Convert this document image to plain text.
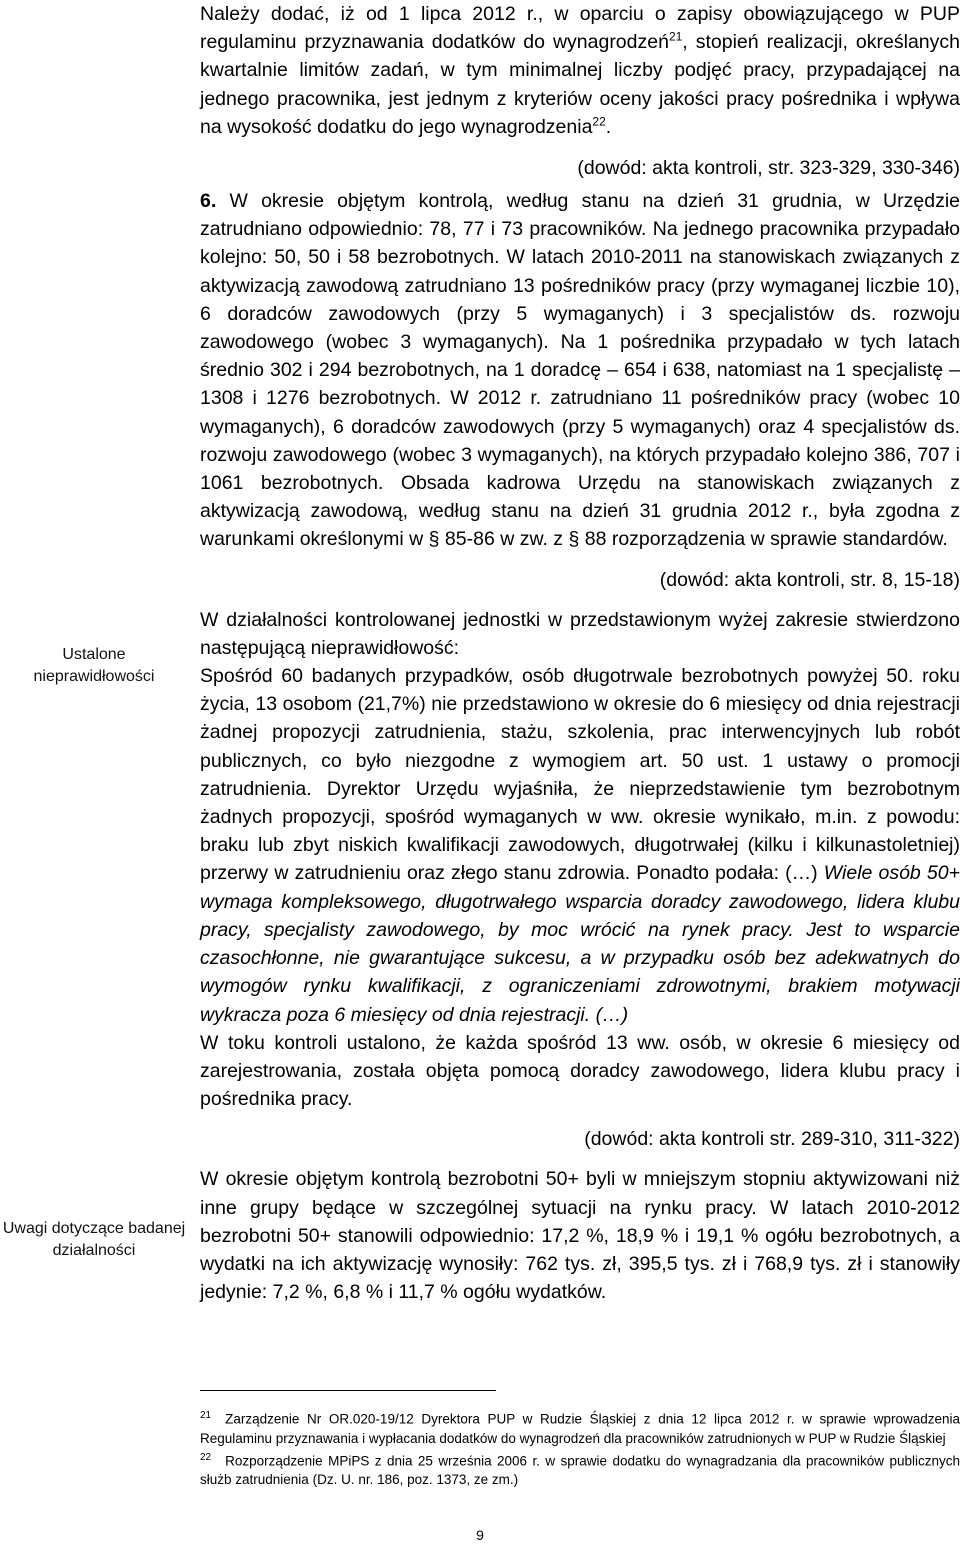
Ustalone nieprawidłowości
Uwagi dotyczące badanej działalności

Należy dodać, iż od 1 lipca 2012 r., w oparciu o zapisy obowiązującego w PUP regulaminu przyznawania dodatków do wynagrodzeń$^{21}$, stopień realizacji, określanych kwartalnie limitów zadań, w tym minimalnej liczby podjęć pracy, przypadającej na jednego pracownika, jest jednym z kryteriów oceny jakości pracy pośrednika i wpływa na wysokość dodatku do jego wynagrodzenia$^{22}$.

(dowód: akta kontroli, str. 323-329, 330-346)

6. W okresie objętym kontrolą, według stanu na dzień 31 grudnia, w Urzędzie zatrudniano odpowiednio: 78, 77 i 73 pracowników. Na jednego pracownika przypadało kolejno: 50, 50 i 58 bezrobotnych. W latach 2010-2011 na stanowiskach związanych z aktywizacją zawodową zatrudniano 13 pośredników pracy (przy wymaganej liczbie 10), 6 doradców zawodowych (przy 5 wymaganych) i 3 specjalistów ds. rozwoju zawodowego (wobec 3 wymaganych). Na 1 pośrednika przypadało w tych latach średnio 302 i 294 bezrobotnych, na 1 doradcę – 654 i 638, natomiast na 1 specjalistę – 1308 i 1276 bezrobotnych. W 2012 r. zatrudniano 11 pośredników pracy (wobec 10 wymaganych), 6 doradców zawodowych (przy 5 wymaganych) oraz 4 specjalistów ds. rozwoju zawodowego (wobec 3 wymaganych), na których przypadało kolejno 386, 707 i 1061 bezrobotnych. Obsada kadrowa Urzędu na stanowiskach związanych z aktywizacją zawodową, według stanu na dzień 31 grudnia 2012 r., była zgodna z warunkami określonymi w § 85-86 w zw. z § 88 rozporządzenia w sprawie standardów.

(dowód: akta kontroli, str. 8, 15-18)

W działalności kontrolowanej jednostki w przedstawionym wyżej zakresie stwierdzono następującą nieprawidłowość:

Spośród 60 badanych przypadków, osób długotrwale bezrobotnych powyżej 50. roku życia, 13 osobom (21,7%) nie przedstawiono w okresie do 6 miesięcy od dnia rejestracji żadnej propozycji zatrudnienia, stażu, szkolenia, prac interwencyjnych lub robót publicznych, co było niezgodne z wymogiem art. 50 ust. 1 ustawy o promocji zatrudnienia. Dyrektor Urzędu wyjaśniła, że nieprzedstawienie tym bezrobotnym żadnych propozycji, spośród wymaganych w ww. okresie wynikało, m.in. z powodu: braku lub zbyt niskich kwalifikacji zawodowych, długotrwałej (kilku i kilkunastoletniej) przerwy w zatrudnieniu oraz złego stanu zdrowia. Ponadto podała: (…) Wiele osób 50+ wymaga kompleksowego, długotrwałego wsparcia doradcy zawodowego, lidera klubu pracy, specjalisty zawodowego, by moc wrócić na rynek pracy. Jest to wsparcie czasochłonne, nie gwarantujące sukcesu, a w przypadku osób bez adekwatnych do wymogów rynku kwalifikacji, z ograniczeniami zdrowotnymi, brakiem motywacji wykracza poza 6 miesięcy od dnia rejestracji. (…)

W toku kontroli ustalono, że każda spośród 13 ww. osób, w okresie 6 miesięcy od zarejestrowania, została objęta pomocą doradcy zawodowego, lidera klubu pracy i pośrednika pracy.

(dowód: akta kontroli str. 289-310, 311-322)

W okresie objętym kontrolą bezrobotni 50+ byli w mniejszym stopniu aktywizowani niż inne grupy będące w szczególnej sytuacji na rynku pracy. W latach 2010-2012 bezrobotni 50+ stanowili odpowiednio: 17,2 %, 18,9 % i 19,1 % ogółu bezrobotnych, a wydatki na ich aktywizację wynosiły: 762 tys. zł, 395,5 tys. zł i 768,9 tys. zł i stanowiły jedynie: 7,2 %, 6,8 % i 11,7 % ogółu wydatków.

$^{21}$ Zarządzenie Nr OR.020-19/12 Dyrektora PUP w Rudzie Śląskiej z dnia 12 lipca 2012 r. w sprawie wprowadzenia Regulaminu przyznawania i wypłacania dodatków do wynagrodzeń dla pracowników zatrudnionych w PUP w Rudzie Śląskiej

$^{22}$ Rozporządzenie MPiPS z dnia 25 września 2006 r. w sprawie dodatku do wynagradzania dla pracowników publicznych służb zatrudnienia (Dz. U. nr. 186, poz. 1373, ze zm.)

9
